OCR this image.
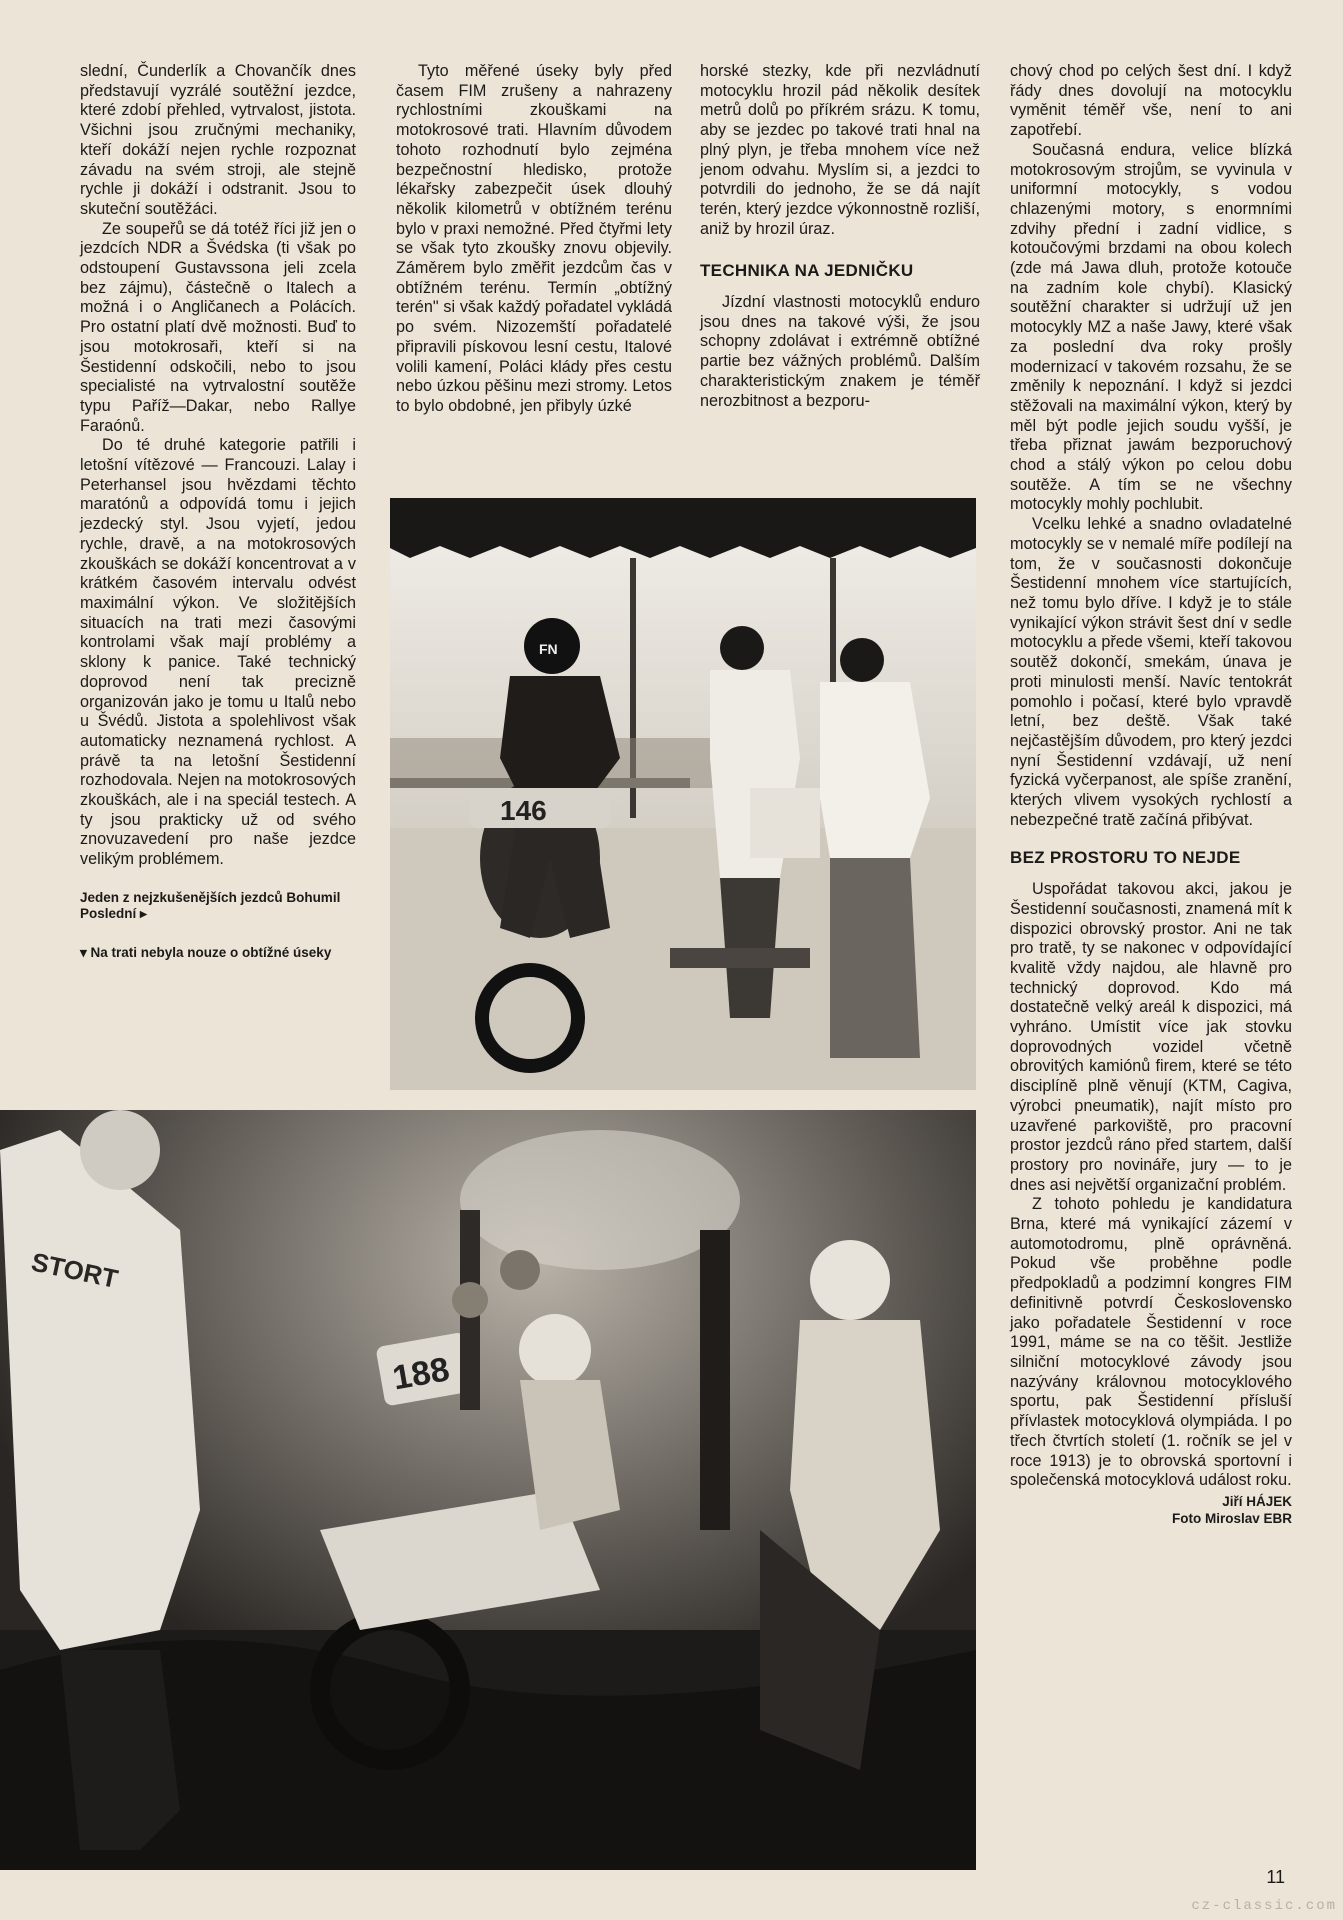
slední, Čunderlík a Chovančík dnes představují vyzrálé soutěžní jezdce, které zdobí přehled, vytrvalost, jistota. Všichni jsou zručnými mechaniky, kteří dokáží nejen rychle rozpoznat závadu na svém stroji, ale stejně rychle ji dokáží i odstranit. Jsou to skuteční soutěžáci.

Ze soupeřů se dá totéž říci již jen o jezdcích NDR a Švédska (ti však po odstoupení Gustavssona jeli zcela bez zájmu), částečně o Italech a možná i o Angličanech a Polácích. Pro ostatní platí dvě možnosti. Buď to jsou motokrosaři, kteří si na Šestidenní odskočili, nebo to jsou specialisté na vytrvalostní soutěže typu Paříž—Dakar, nebo Rallye Faraónů.

Do té druhé kategorie patřili i letošní vítězové — Francouzi. Lalay i Peterhansel jsou hvězdami těchto maratónů a odpovídá tomu i jejich jezdecký styl. Jsou vyjetí, jedou rychle, dravě, a na motokrosových zkouškách se dokáží koncentrovat a v krátkém časovém intervalu odvést maximální výkon. Ve složitějších situacích na trati mezi časovými kontrolami však mají problémy a sklony k panice. Také technický doprovod není tak precizně organizován jako je tomu u Italů nebo u Švédů. Jistota a spolehlivost však automaticky neznamená rychlost. A právě ta na letošní Šestidenní rozhodovala. Nejen na motokrosových zkouškách, ale i na speciál testech. A ty jsou prakticky už od svého znovuzavedení pro naše jezdce velikým problémem.

Jeden z nejzkušenějších jezdců Bohumil Poslední ▸
▾ Na trati nebyla nouze o obtížné úseky

Tyto měřené úseky byly před časem FIM zrušeny a nahrazeny rychlostními zkouškami na motokrosové trati. Hlavním důvodem tohoto rozhodnutí bylo zejména bezpečnostní hledisko, protože lékařsky zabezpečit úsek dlouhý několik kilometrů v obtížném terénu bylo v praxi nemožné. Před čtyřmi lety se však tyto zkoušky znovu objevily. Záměrem bylo změřit jezdcům čas v obtížném terénu. Termín „obtížný terén" si však každý pořadatel vykládá po svém. Nizozemští pořadatelé připravili pískovou lesní cestu, Italové volili kamení, Poláci klády přes cestu nebo úzkou pěšinu mezi stromy. Letos to bylo obdobné, jen přibyly úzké

horské stezky, kde při nezvládnutí motocyklu hrozil pád několik desítek metrů dolů po příkrém srázu. K tomu, aby se jezdec po takové trati hnal na plný plyn, je třeba mnohem více než jenom odvahu. Myslím si, a jezdci to potvrdili do jednoho, že se dá najít terén, který jezdce výkonnostně rozliší, aniž by hrozil úraz.

TECHNIKA NA JEDNIČKU

Jízdní vlastnosti motocyklů enduro jsou dnes na takové výši, že jsou schopny zdolávat i extrémně obtížné partie bez vážných problémů. Dalším charakteristickým znakem je téměř nerozbitnost a bezporu-

chový chod po celých šest dní. I když řády dnes dovolují na motocyklu vyměnit téměř vše, není to ani zapotřebí.

Současná endura, velice blízká motokrosovým strojům, se vyvinula v uniformní motocykly, s vodou chlazenými motory, s enormními zdvihy přední i zadní vidlice, s kotoučovými brzdami na obou kolech (zde má Jawa dluh, protože kotouče na zadním kole chybí). Klasický soutěžní charakter si udržují už jen motocykly MZ a naše Jawy, které však za poslední dva roky prošly modernizací v takovém rozsahu, že se změnily k nepoznání. I když si jezdci stěžovali na maximální výkon, který by měl být podle jejich soudu vyšší, je třeba přiznat jawám bezporuchový chod a stálý výkon po celou dobu soutěže. A tím se ne všechny motocykly mohly pochlubit.

Vcelku lehké a snadno ovladatelné motocykly se v nemalé míře podílejí na tom, že v současnosti dokončuje Šestidenní mnohem více startujících, než tomu bylo dříve. I když je to stále vynikající výkon strávit šest dní v sedle motocyklu a přede všemi, kteří takovou soutěž dokončí, smekám, únava je proti minulosti menší. Navíc tentokrát pomohlo i počasí, které bylo vpravdě letní, bez deště. Však také nejčastějším důvodem, pro který jezdci nyní Šestidenní vzdávají, už není fyzická vyčerpanost, ale spíše zranění, kterých vlivem vysokých rychlostí a nebezpečné tratě začíná přibývat.

BEZ PROSTORU TO NEJDE

Uspořádat takovou akci, jakou je Šestidenní současnosti, znamená mít k dispozici obrovský prostor. Ani ne tak pro tratě, ty se nakonec v odpovídající kvalitě vždy najdou, ale hlavně pro technický doprovod. Kdo má dostatečně velký areál k dispozici, má vyhráno. Umístit více jak stovku doprovodných vozidel včetně obrovitých kamiónů firem, které se této disciplíně plně věnují (KTM, Cagiva, výrobci pneumatik), najít místo pro uzavřené parkoviště, pro pracovní prostor jezdců ráno před startem, další prostory pro novináře, jury — to je dnes asi největší organizační problém.

Z tohoto pohledu je kandidatura Brna, které má vynikající zázemí v automotodromu, plně oprávněná. Pokud vše proběhne podle předpokladů a podzimní kongres FIM definitivně potvrdí Československo jako pořadatele Šestidenní v roce 1991, máme se na co těšit. Jestliže silniční motocyklové závody jsou nazývány královnou motocyklového sportu, pak Šestidenní přísluší přívlastek motocyklová olympiáda. I po třech čtvrtích století (1. ročník se jel v roce 1913) je to obrovská sportovní i společenská motocyklová událost roku.

Jiří HÁJEK
Foto Miroslav EBR
146
FN
STORT
188
11
cz-classic.com
